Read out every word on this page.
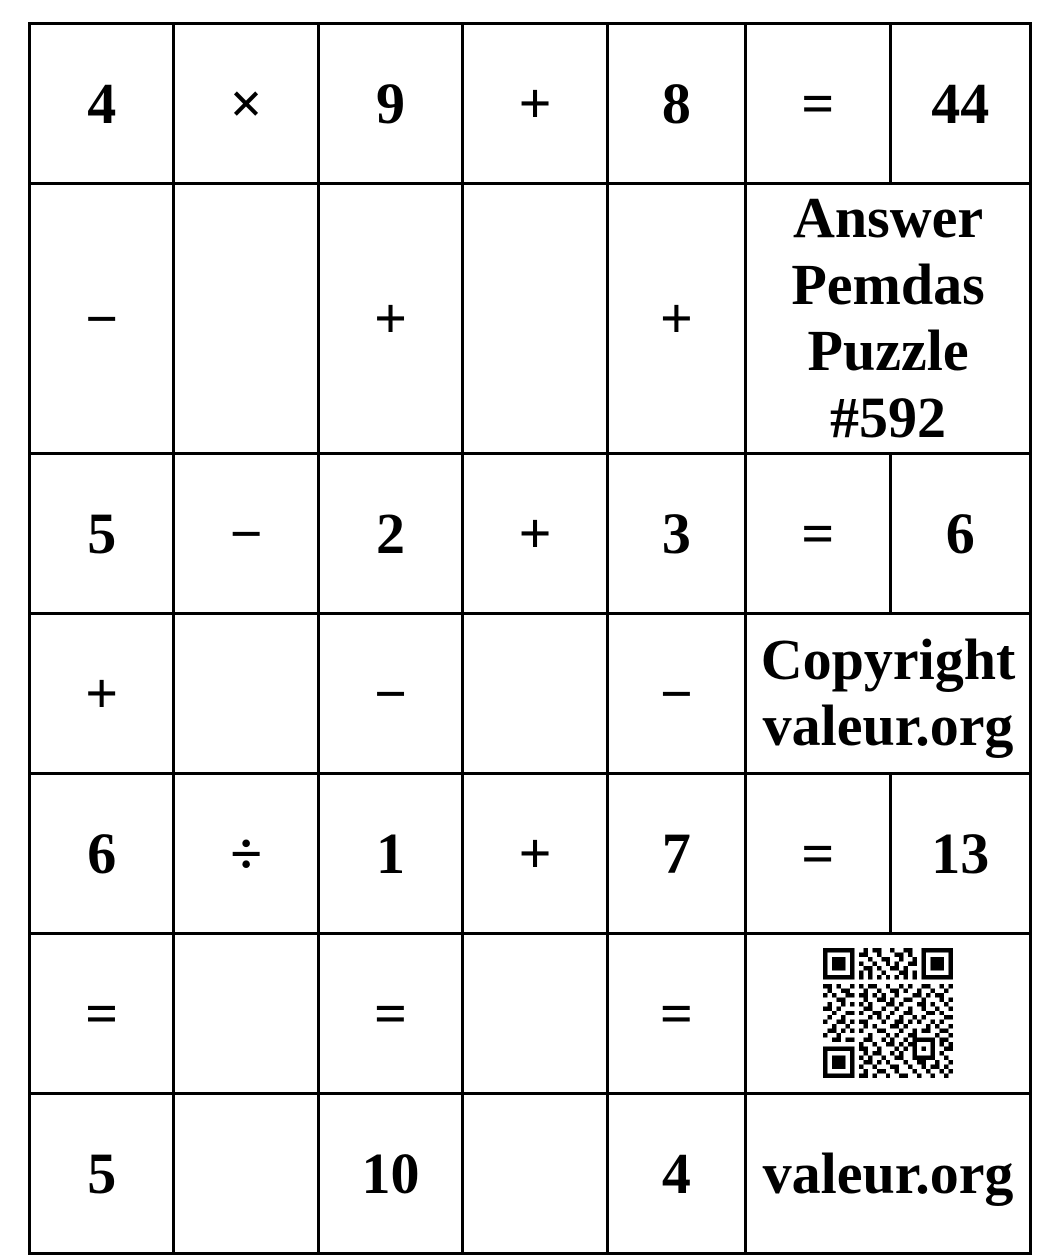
4	×	9	+	8	=	44
−		+		+	Answer
Pemdas Puzzle
#592	

5	−	2	+	3	=	6
+		−		−	Copyright
valeur.org	

6	÷	1	+	7	=	13
=		=		=	

5		10		4	valeur.org	
